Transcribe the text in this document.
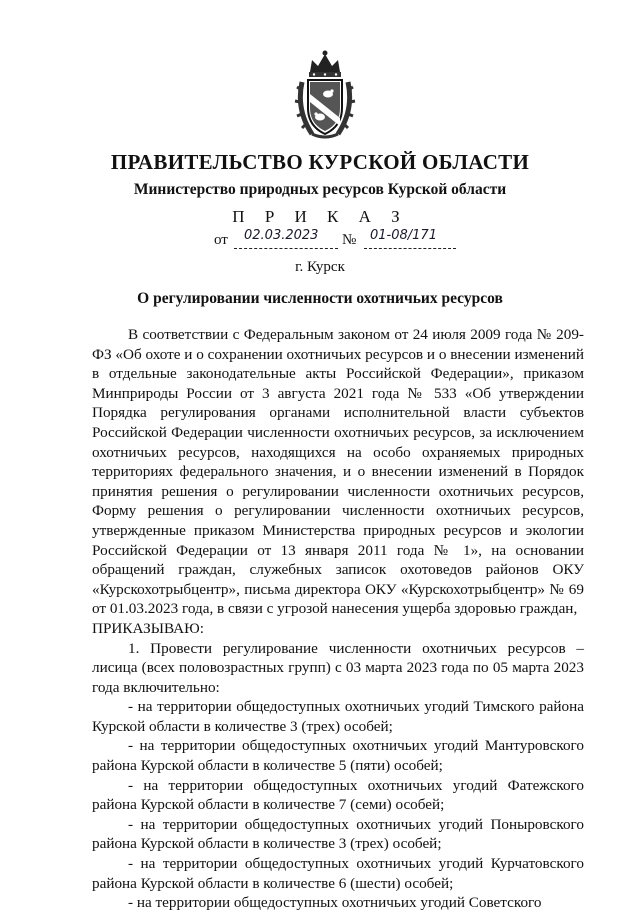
ПРАВИТЕЛЬСТВО КУРСКОЙ ОБЛАСТИ
Министерство природных ресурсов Курской области
П Р И К А З
от 02.03.2023 № 01-08/171
г. Курск
О регулировании численности охотничьих ресурсов

В соответствии с Федеральным законом от 24 июля 2009 года № 209-ФЗ «Об охоте и о сохранении охотничьих ресурсов и о внесении изменений в отдельные законодательные акты Российской Федерации», приказом Минприроды России от 3 августа 2021 года № 533 «Об утверждении Порядка регулирования органами исполнительной власти субъектов Российской Федерации численности охотничьих ресурсов, за исключением охотничьих ресурсов, находящихся на особо охраняемых природных территориях федерального значения, и о внесении изменений в Порядок принятия решения о регулировании численности охотничьих ресурсов, Форму решения о регулировании численности охотничьих ресурсов, утвержденные приказом Министерства природных ресурсов и экологии Российской Федерации от 13 января 2011 года № 1», на основании обращений граждан, служебных записок охотоведов районов ОКУ «Курскохотрыбцентр», письма директора ОКУ «Курскохотрыбцентр» № 69 от 01.03.2023 года, в связи с угрозой нанесения ущерба здоровью граждан,

ПРИКАЗЫВАЮ:

1. Провести регулирование численности охотничьих ресурсов – лисица (всех половозрастных групп) с 03 марта 2023 года по 05 марта 2023 года включительно:

- на территории общедоступных охотничьих угодий Тимского района Курской области в количестве 3 (трех) особей;

- на территории общедоступных охотничьих угодий Мантуровского района Курской области в количестве 5 (пяти) особей;

- на территории общедоступных охотничьих угодий Фатежского района Курской области в количестве 7 (семи) особей;

- на территории общедоступных охотничьих угодий Поныровского района Курской области в количестве 3 (трех) особей;

- на территории общедоступных охотничьих угодий Курчатовского района Курской области в количестве 6 (шести) особей;

- на территории общедоступных охотничьих угодий Советского
